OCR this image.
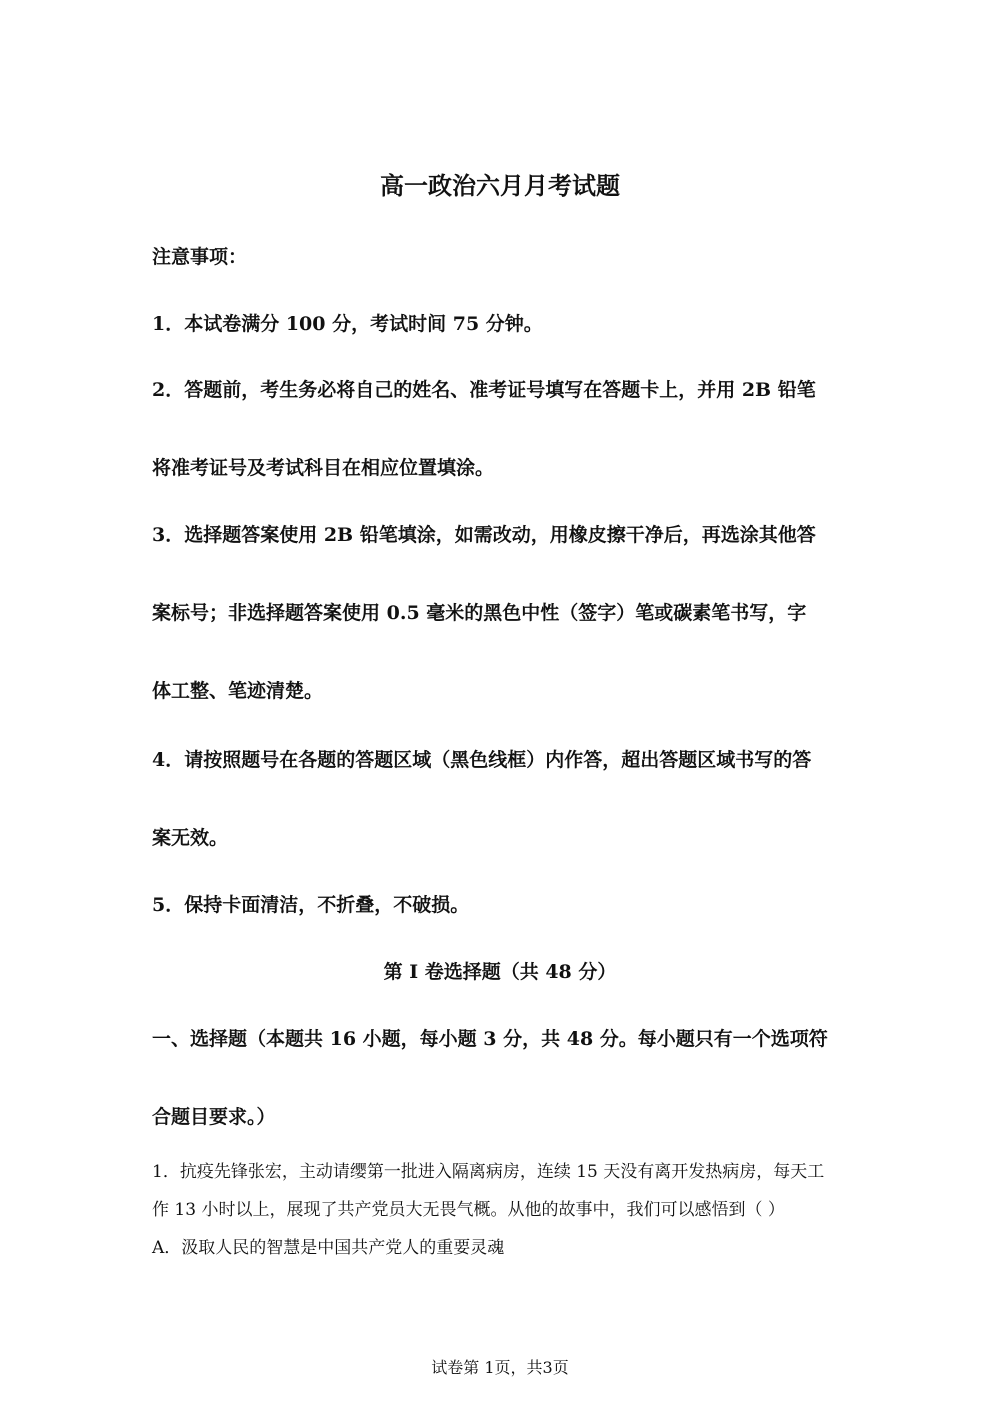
高一政治六月月考试题
注意事项：
1．本试卷满分 100 分，考试时间 75 分钟。
2．答题前，考生务必将自己的姓名、准考证号填写在答题卡上，并用 2B 铅笔
将准考证号及考试科目在相应位置填涂。
3．选择题答案使用 2B 铅笔填涂，如需改动，用橡皮擦干净后，再选涂其他答
案标号；非选择题答案使用 0.5 毫米的黑色中性（签字）笔或碳素笔书写，字
体工整、笔迹清楚。
4．请按照题号在各题的答题区域（黑色线框）内作答，超出答题区域书写的答
案无效。
5．保持卡面清洁，不折叠，不破损。
第 I 卷选择题（共 48 分）
一、选择题（本题共 16 小题，每小题 3 分，共 48 分。每小题只有一个选项符
合题目要求。）
1．抗疫先锋张宏，主动请缨第一批进入隔离病房，连续 15 天没有离开发热病房，每天工
作 13 小时以上，展现了共产党员大无畏气概。从他的故事中，我们可以感悟到（ ）
A．汲取人民的智慧是中国共产党人的重要灵魂
试卷第 1页，共3页
